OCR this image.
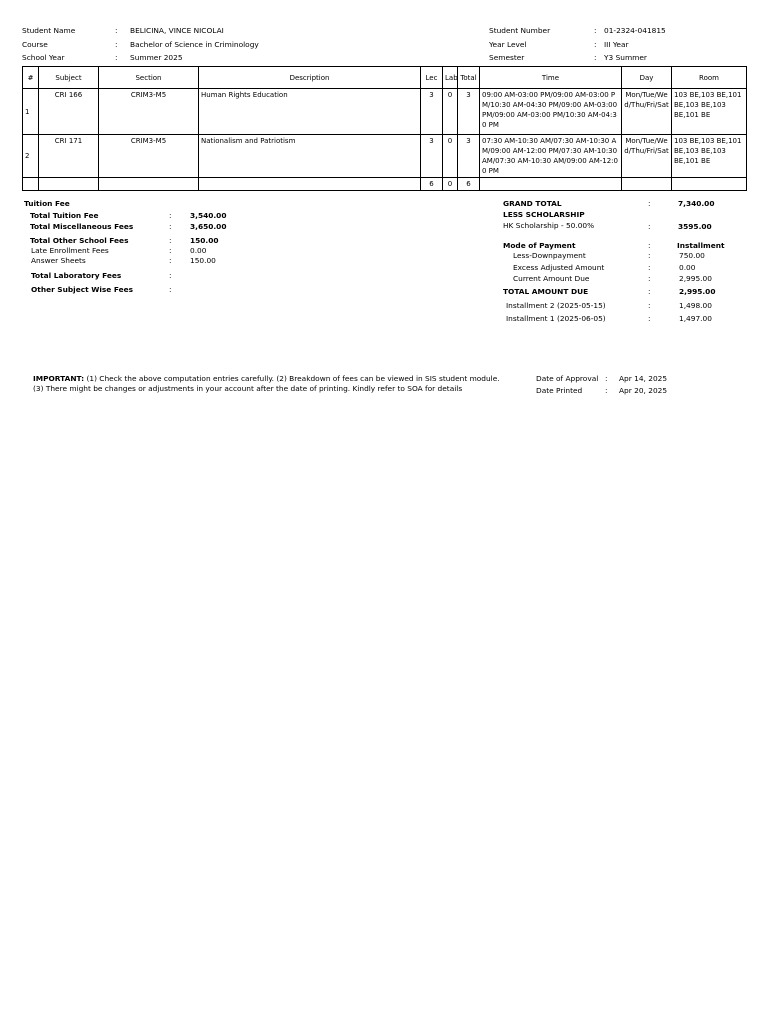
Student Name	: BELICINA, VINCE NICOLAI
Course	: Bachelor of Science in Criminology
School Year	: Summer 2025
Student Number	: 01-2324-041815
Year Level	: III Year
Semester	: Y3 Summer
#	Subject	Section	Description	Lec	Lab	Total	Time	Day	Room
1	CRI 166	CRIM3-M5	Human Rights Education	3	0	3	09:00 AM-03:00 PM/09:00 AM-03:00 PM/10:30 AM-04:30 PM/09:00 AM-03:00 PM/09:00 AM-03:00 PM/10:30 AM-04:30 PM	Mon/Tue/Wed/Thu/Fri/Sat	103 BE,103 BE,101 BE,103 BE,103 BE,101 BE
2	CRI 171	CRIM3-M5	Nationalism and Patriotism	3	0	3	07:30 AM-10:30 AM/07:30 AM-10:30 AM/09:00 AM-12:00 PM/07:30 AM-10:30 AM/07:30 AM-10:30 AM/09:00 AM-12:00 PM	Mon/Tue/Wed/Thu/Fri/Sat	103 BE,103 BE,101 BE,103 BE,103 BE,101 BE
				6	0	6			
Tuition Fee
Total Tuition Fee	:	3,540.00
Total Miscellaneous Fees	:	3,650.00
Total Other School Fees	:	150.00
Late Enrollment Fees	:	0.00
Answer Sheets	:	150.00
Total Laboratory Fees	:
Other Subject Wise Fees	:
GRAND TOTAL	:	7,340.00
LESS SCHOLARSHIP
HK Scholarship - 50.00%	:	3595.00
Mode of Payment	:	Installment
Less-Downpayment	:	750.00
Excess Adjusted Amount	:	0.00
Current Amount Due	:	2,995.00
TOTAL AMOUNT DUE	:	2,995.00
Installment 2 (2025-05-15)	:	1,498.00
Installment 1 (2025-06-05)	:	1,497.00
IMPORTANT: (1) Check the above computation entries carefully. (2) Breakdown of fees can be viewed in SIS student module.
(3) There might be changes or adjustments in your account after the date of printing. Kindly refer to SOA for details
Date of Approval : Apr 14, 2025
Date Printed	: Apr 20, 2025
